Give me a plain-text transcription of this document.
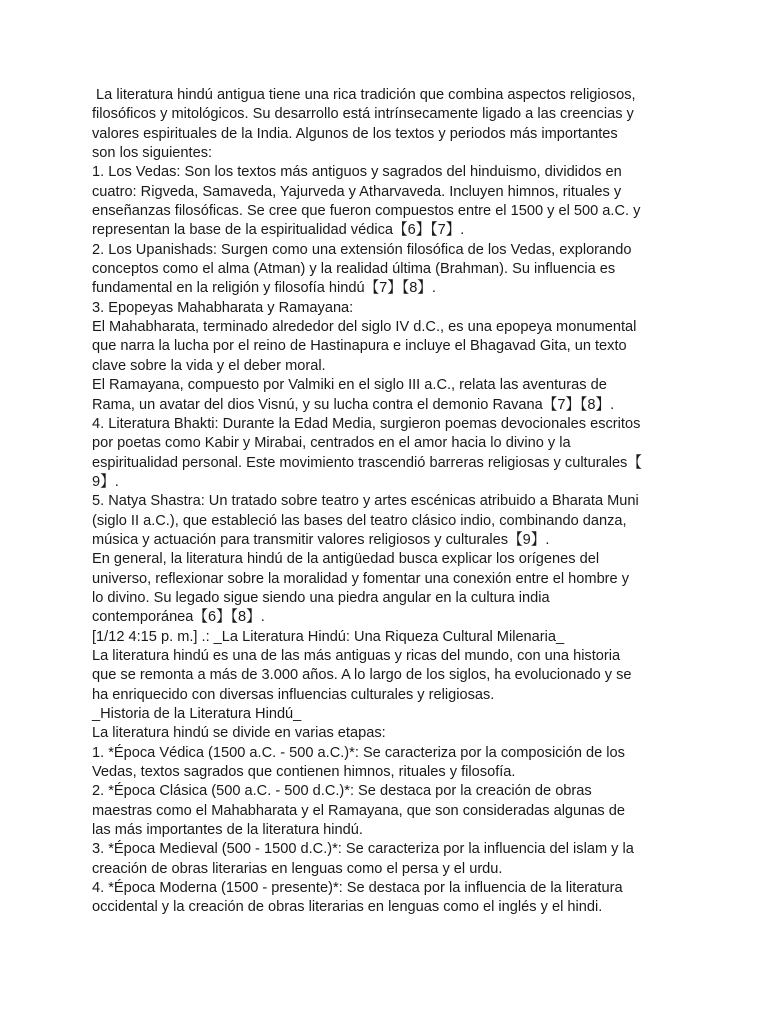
La literatura hindú antigua tiene una rica tradición que combina aspectos religiosos,
filosóficos y mitológicos. Su desarrollo está intrínsecamente ligado a las creencias y
valores espirituales de la India. Algunos de los textos y periodos más importantes
son los siguientes:
1. Los Vedas: Son los textos más antiguos y sagrados del hinduismo, divididos en
cuatro: Rigveda, Samaveda, Yajurveda y Atharvaveda. Incluyen himnos, rituales y
enseñanzas filosóficas. Se cree que fueron compuestos entre el 1500 y el 500 a.C. y
representan la base de la espiritualidad védica【6】【7】.
2. Los Upanishads: Surgen como una extensión filosófica de los Vedas, explorando
conceptos como el alma (Atman) y la realidad última (Brahman). Su influencia es
fundamental en la religión y filosofía hindú【7】【8】.
3. Epopeyas Mahabharata y Ramayana:
El Mahabharata, terminado alrededor del siglo IV d.C., es una epopeya monumental
que narra la lucha por el reino de Hastinapura e incluye el Bhagavad Gita, un texto
clave sobre la vida y el deber moral.
El Ramayana, compuesto por Valmiki en el siglo III a.C., relata las aventuras de
Rama, un avatar del dios Visnú, y su lucha contra el demonio Ravana【7】【8】.
4. Literatura Bhakti: Durante la Edad Media, surgieron poemas devocionales escritos
por poetas como Kabir y Mirabai, centrados en el amor hacia lo divino y la
espiritualidad personal. Este movimiento trascendió barreras religiosas y culturales【
9】.
5. Natya Shastra: Un tratado sobre teatro y artes escénicas atribuido a Bharata Muni
(siglo II a.C.), que estableció las bases del teatro clásico indio, combinando danza,
música y actuación para transmitir valores religiosos y culturales【9】.
En general, la literatura hindú de la antigüedad busca explicar los orígenes del
universo, reflexionar sobre la moralidad y fomentar una conexión entre el hombre y
lo divino. Su legado sigue siendo una piedra angular en la cultura india
contemporánea【6】【8】.
[1/12 4:15 p. m.] .: _La Literatura Hindú: Una Riqueza Cultural Milenaria_
La literatura hindú es una de las más antiguas y ricas del mundo, con una historia
que se remonta a más de 3.000 años. A lo largo de los siglos, ha evolucionado y se
ha enriquecido con diversas influencias culturales y religiosas.
_Historia de la Literatura Hindú_
La literatura hindú se divide en varias etapas:
1. *Época Védica (1500 a.C. - 500 a.C.)*: Se caracteriza por la composición de los
Vedas, textos sagrados que contienen himnos, rituales y filosofía.
2. *Época Clásica (500 a.C. - 500 d.C.)*: Se destaca por la creación de obras
maestras como el Mahabharata y el Ramayana, que son consideradas algunas de
las más importantes de la literatura hindú.
3. *Época Medieval (500 - 1500 d.C.)*: Se caracteriza por la influencia del islam y la
creación de obras literarias en lenguas como el persa y el urdu.
4. *Época Moderna (1500 - presente)*: Se destaca por la influencia de la literatura
occidental y la creación de obras literarias en lenguas como el inglés y el hindi.
